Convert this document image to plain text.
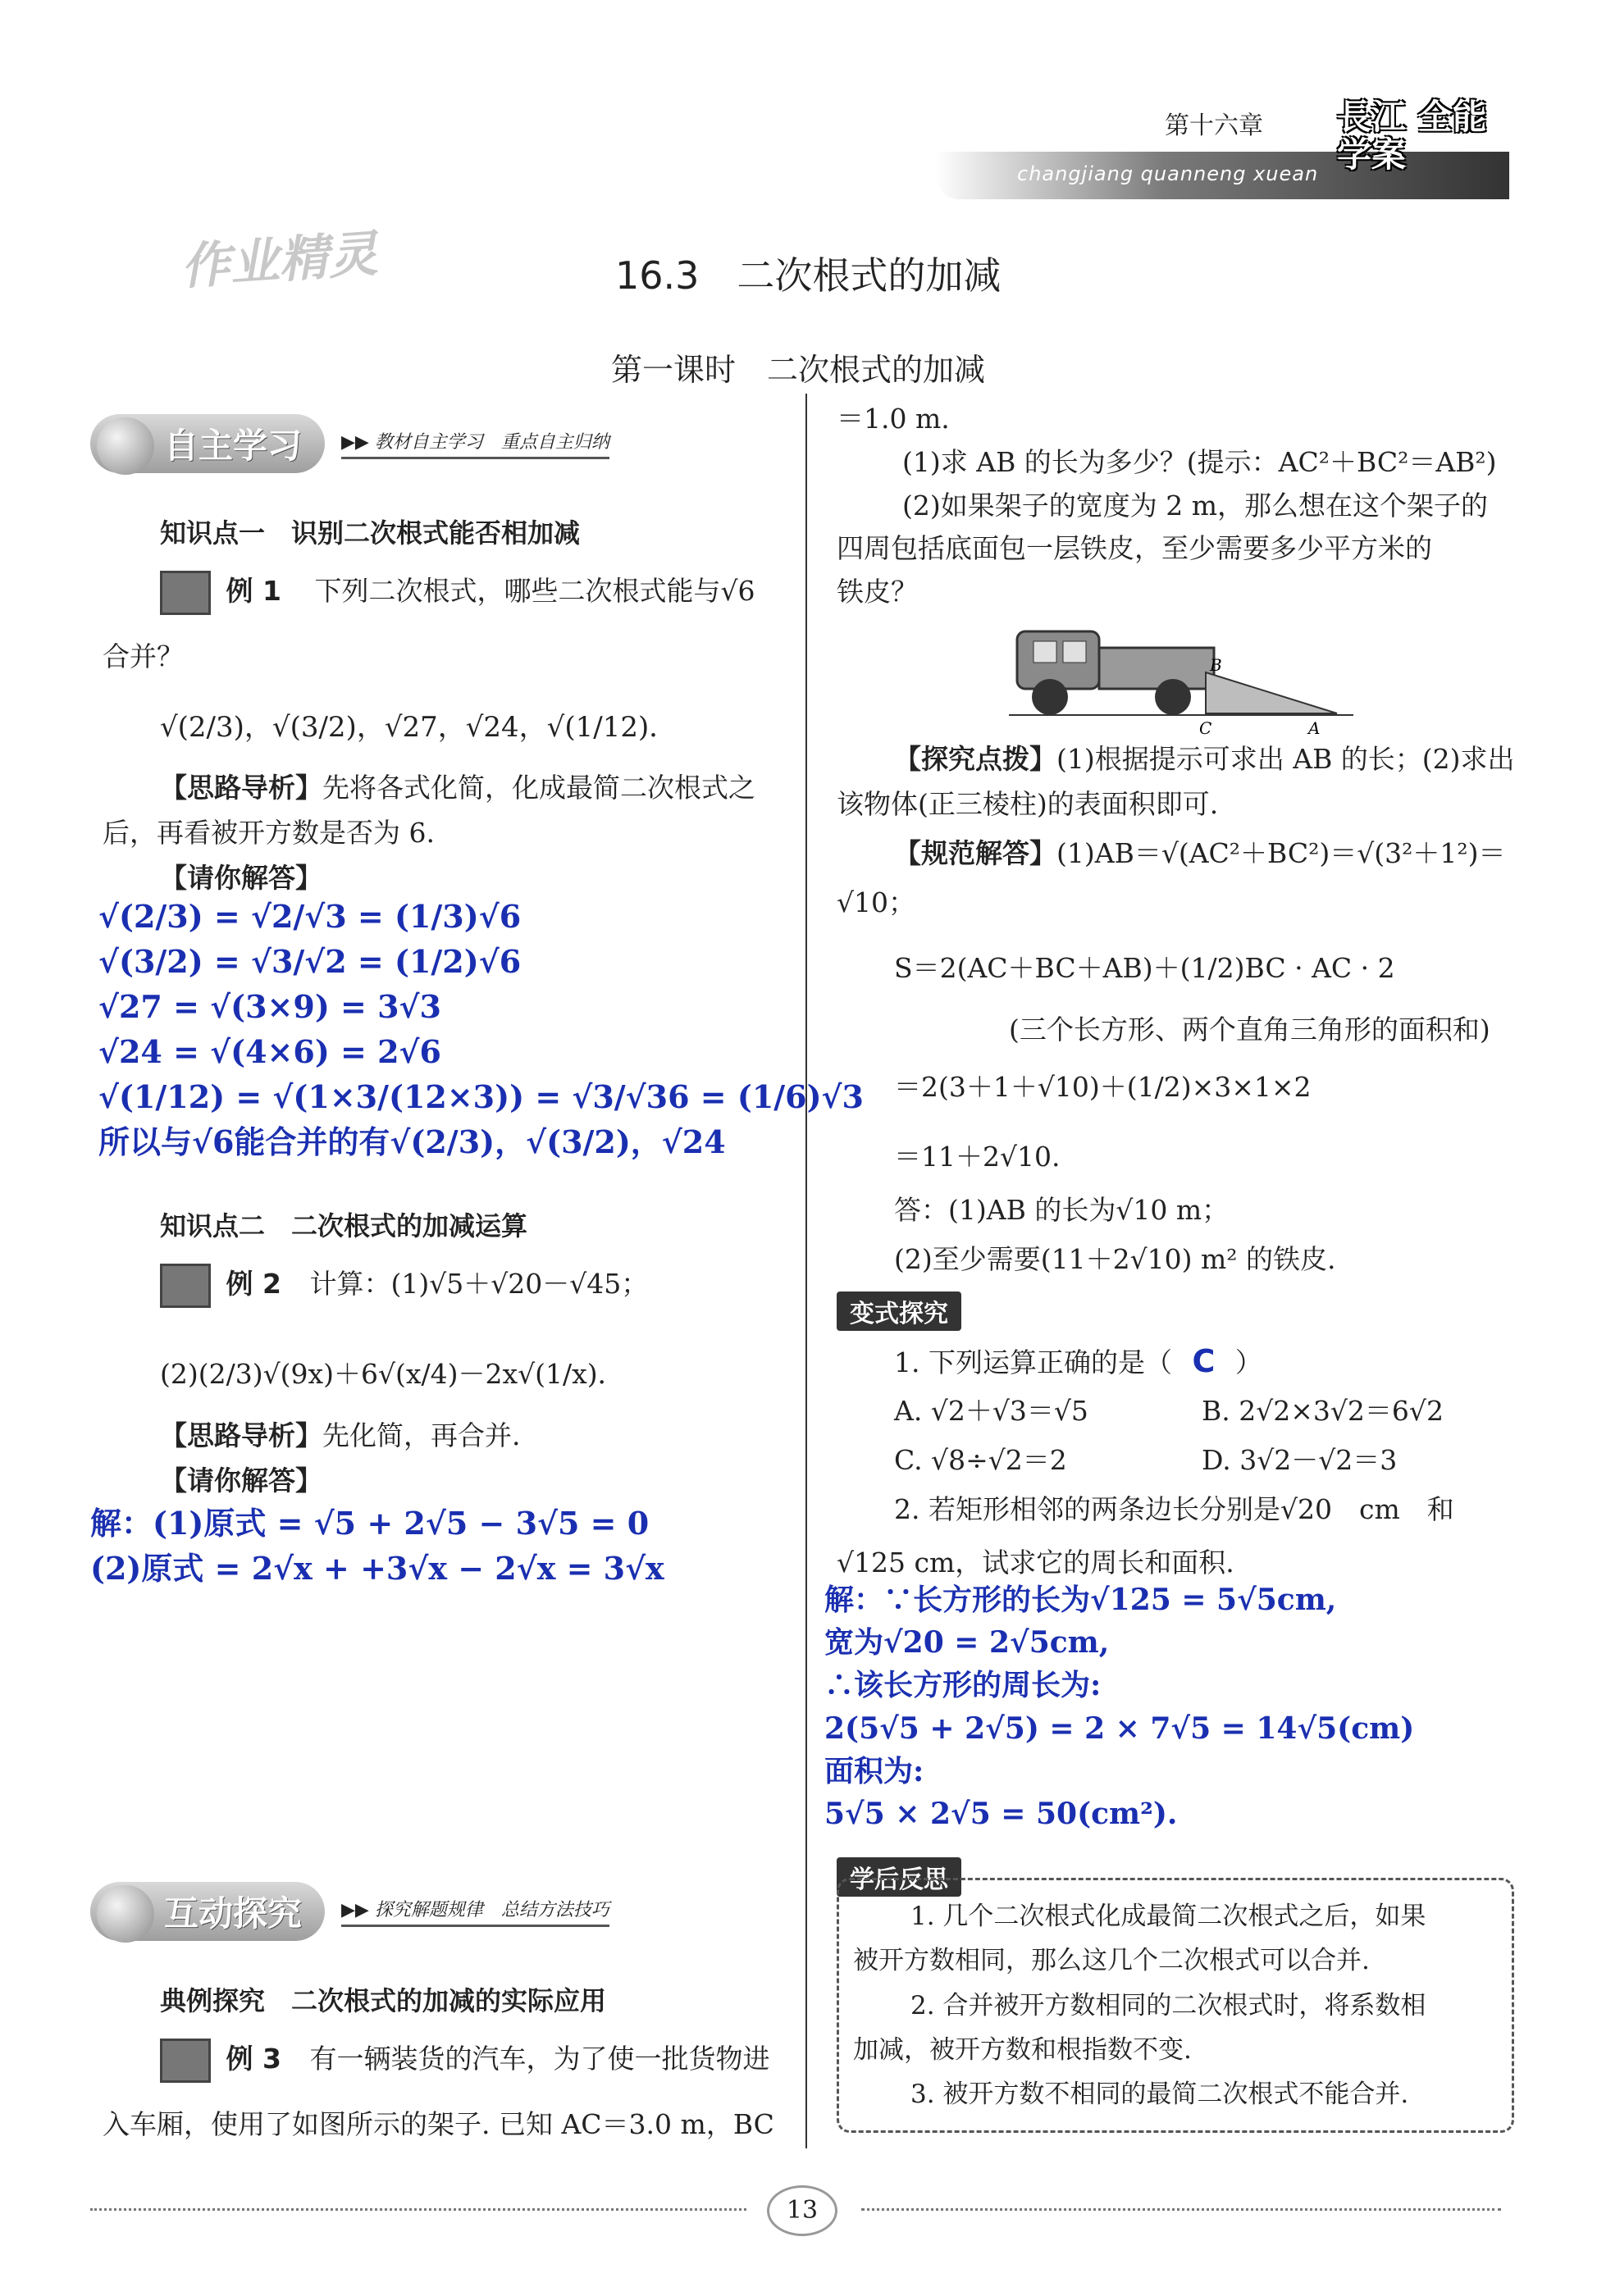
第十六章
changjiang quanneng xuean
長江 全能学案
作业精灵	16.3　二次根式的加减
第一课时　二次根式的加减
自主学习	▶▶ 教材自主学习　重点自主归纳
知识点一　识别二次根式能否相加减
例 1 下列二次根式，哪些二次根式能与√6
合并？
√(2/3)，√(3/2)，√27，√24，√(1/12)．
【思路导析】先将各式化简，化成最简二次根式之
后，再看被开方数是否为 6.
【请你解答】
√(2/3) = √2/√3 = (1/3)√6
√(3/2) = √3/√2 = (1/2)√6
√27 = √(3×9) = 3√3
√24 = √(4×6) = 2√6
√(1/12) = √(1×3/(12×3)) = √3/√36 = (1/6)√3
所以与√6能合并的有√(2/3)，√(3/2)，√24
知识点二　二次根式的加减运算
例 2 计算：(1)√5＋√20－√45；
(2)(2/3)√(9x)＋6√(x/4)－2x√(1/x)．
【思路导析】先化简，再合并.
【请你解答】
解：(1)原式 = √5 + 2√5 − 3√5 = 0
(2)原式 = 2√x + +3√x − 2√x = 3√x
互动探究	▶▶ 探究解题规律　总结方法技巧
典例探究　二次根式的加减的实际应用
例 3 有一辆装货的汽车，为了使一批货物进
入车厢，使用了如图所示的架子. 已知 AC＝3.0 m，BC
＝1.0 m.
(1)求 AB 的长为多少？(提示：AC²＋BC²＝AB²)
(2)如果架子的宽度为 2 m，那么想在这个架子的
四周包括底面包一层铁皮，至少需要多少平方米的
铁皮？
B
C	A
【探究点拨】(1)根据提示可求出 AB 的长；(2)求出
该物体(正三棱柱)的表面积即可.
【规范解答】(1)AB＝√(AC²＋BC²)＝√(3²＋1²)＝
√10；
S＝2(AC＋BC＋AB)＋(1/2)BC · AC · 2
(三个长方形、两个直角三角形的面积和)
＝2(3＋1＋√10)＋(1/2)×3×1×2
＝11＋2√10.
答：(1)AB 的长为√10 m；
(2)至少需要(11＋2√10) m² 的铁皮.
变式探究
1. 下列运算正确的是（ C ）
A. √2＋√3＝√5	B. 2√2×3√2＝6√2
C. √8÷√2＝2	D. 3√2－√2＝3
2. 若矩形相邻的两条边长分别是√20　cm　和
√125 cm，试求它的周长和面积.
解：∵长方形的长为√125 = 5√5cm,
宽为√20 = 2√5cm,
∴该长方形的周长为:
2(5√5 + 2√5) = 2 × 7√5 = 14√5(cm)
面积为:
5√5 × 2√5 = 50(cm²).
学后反思
1. 几个二次根式化成最简二次根式之后，如果
被开方数相同，那么这几个二次根式可以合并.
2. 合并被开方数相同的二次根式时，将系数相
加减，被开方数和根指数不变.
3. 被开方数不相同的最简二次根式不能合并.
13
